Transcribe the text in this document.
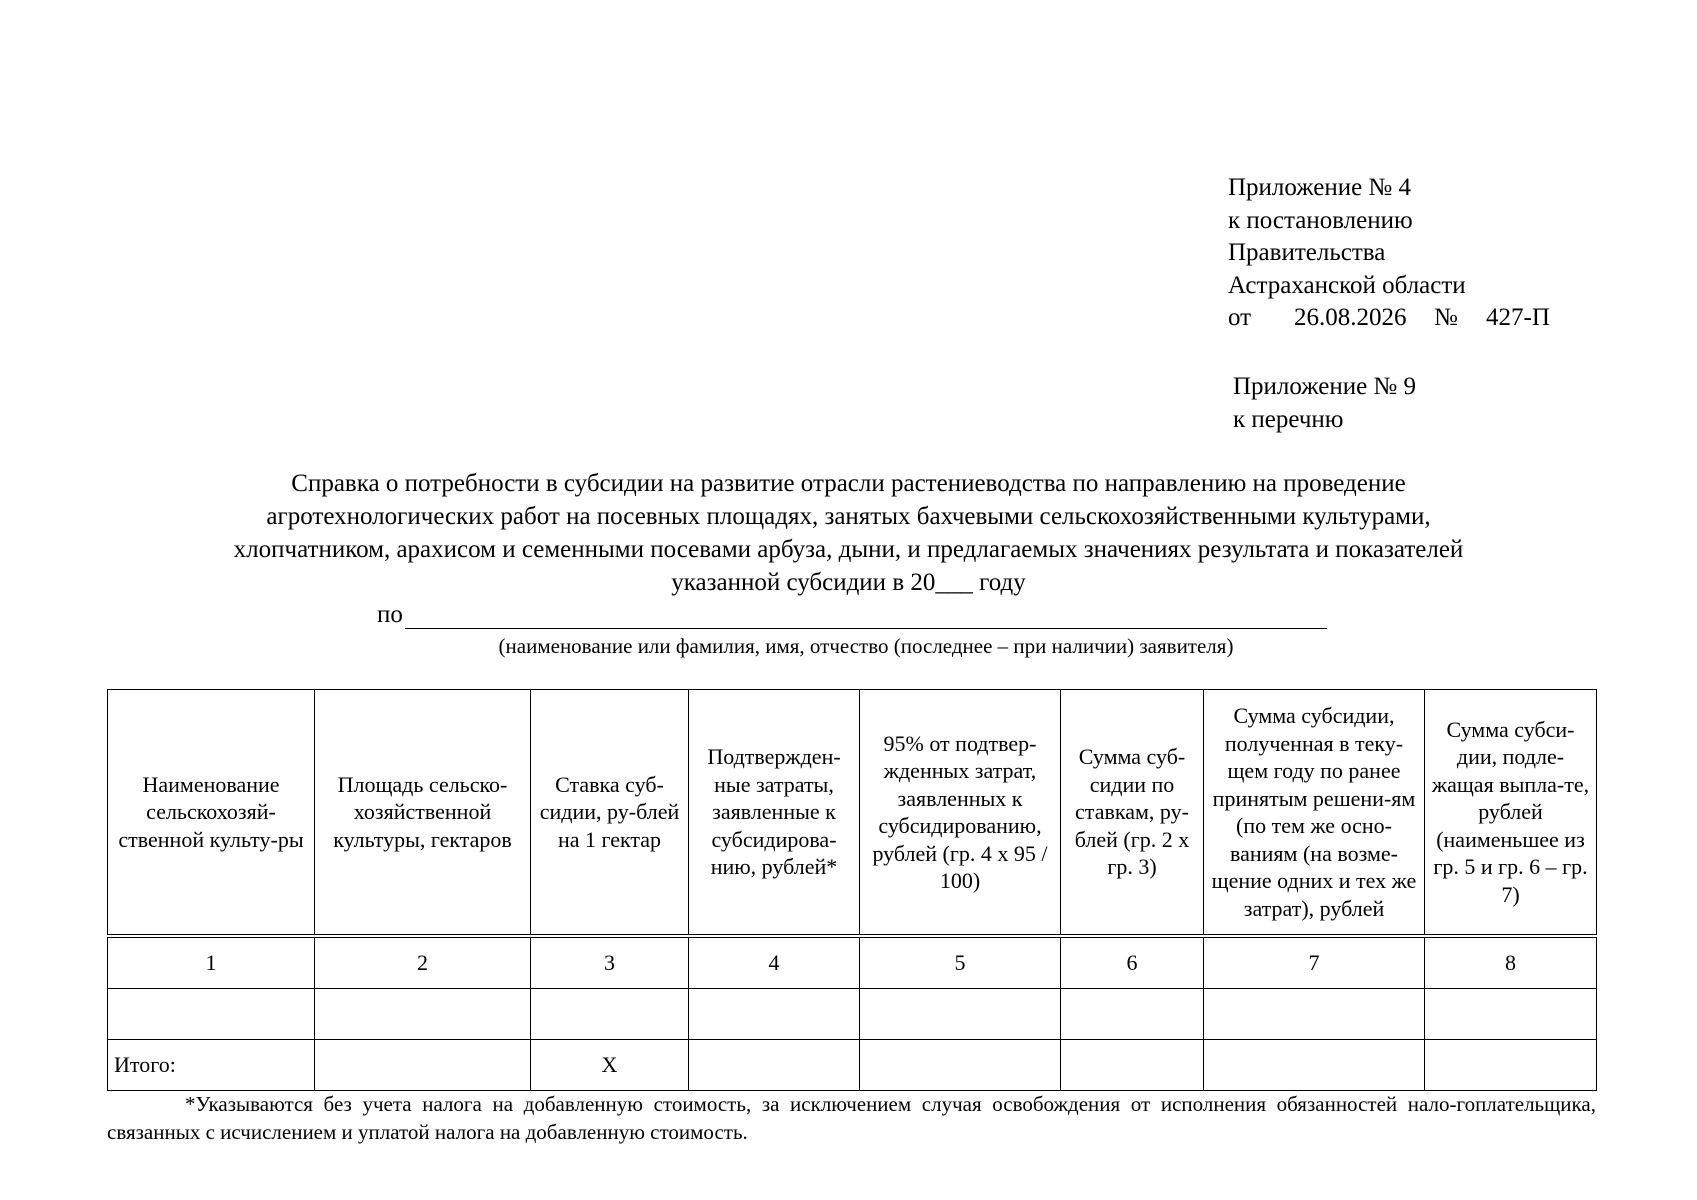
Приложение № 4
к постановлению
Правительства
Астраханской области
от 26.08.2026 № 427-П
Приложение № 9
к перечню
Справка о потребности в субсидии на развитие отрасли растениеводства по направлению на проведение
агротехнологических работ на посевных площадях, занятых бахчевыми сельскохозяйственными культурами,
хлопчатником, арахисом и семенными посевами арбуза, дыни, и предлагаемых значениях результата и показателей
указанной субсидии в 20___ году
по
(наименование или фамилия, имя, отчество (последнее – при наличии) заявителя)
Наименование сельскохозяй-ственной культу-ры	Площадь сельско-хозяйственной культуры, гектаров	Ставка суб-сидии, ру-блей на 1 гектар	Подтвержден-ные затраты, заявленные к субсидирова-нию, рублей*	95% от подтвер-жденных затрат, заявленных к субсидированию, рублей (гр. 4 х 95 / 100)	Сумма суб-сидии по ставкам, ру-блей (гр. 2 х гр. 3)	Сумма субсидии, полученная в теку-щем году по ранее принятым решени-ям (по тем же осно-ваниям (на возме-щение одних и тех же затрат), рублей	Сумма субси-дии, подле-жащая выпла-те, рублей (наименьшее из гр. 5 и гр. 6 – гр. 7)
1	2	3	4	5	6	7	8

Итого:		Х					
*Указываются без учета налога на добавленную стоимость, за исключением случая освобождения от исполнения обязанностей нало-гоплательщика, связанных с исчислением и уплатой налога на добавленную стоимость.
